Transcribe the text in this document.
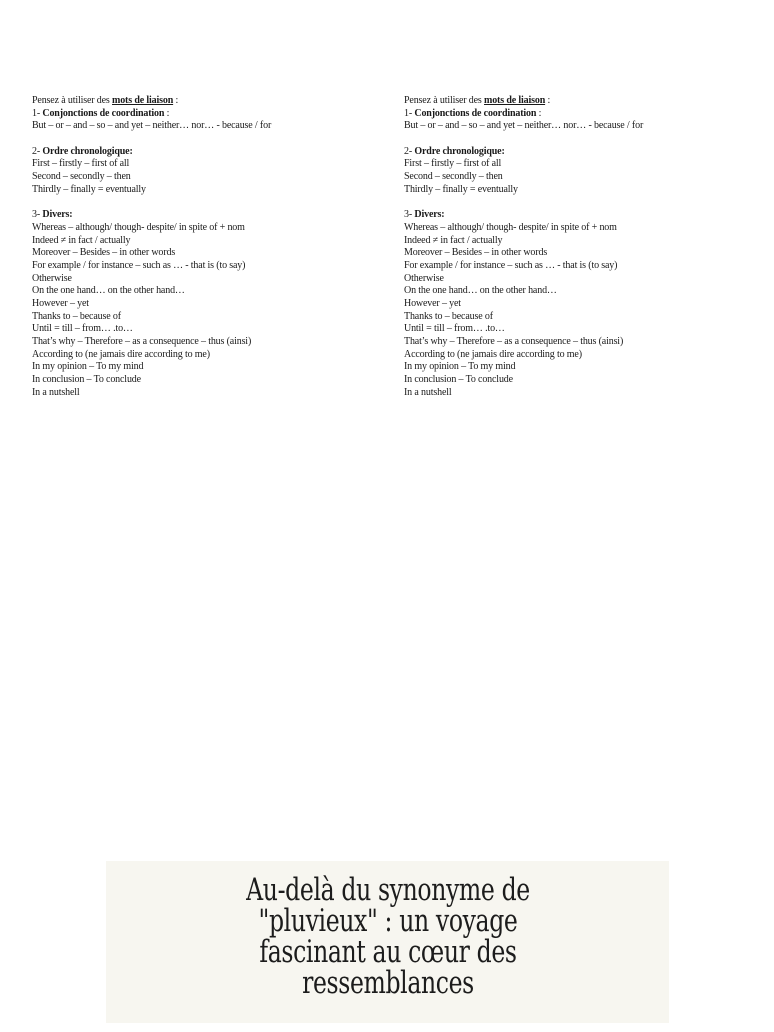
Pensez à utiliser des mots de liaison :
1- Conjonctions de coordination :
But – or – and – so – and yet – neither… nor… - because / for
2- Ordre chronologique:
First – firstly – first of all
Second – secondly – then
Thirdly – finally = eventually
3- Divers:
Whereas – although/ though- despite/ in spite of + nom
Indeed ≠ in fact / actually
Moreover – Besides – in other words
For example / for instance – such as … - that is (to say)
Otherwise
On the one hand… on the other hand…
However – yet
Thanks to – because of
Until = till – from… .to…
That’s why – Therefore – as a consequence – thus (ainsi)
According to (ne jamais dire according to me)
In my opinion – To my mind
In conclusion – To conclude
In a nutshell
Pensez à utiliser des mots de liaison :
1- Conjonctions de coordination :
But – or – and – so – and yet – neither… nor… - because / for
2- Ordre chronologique:
First – firstly – first of all
Second – secondly – then
Thirdly – finally = eventually
3- Divers:
Whereas – although/ though- despite/ in spite of + nom
Indeed ≠ in fact / actually
Moreover – Besides – in other words
For example / for instance – such as … - that is (to say)
Otherwise
On the one hand… on the other hand…
However – yet
Thanks to – because of
Until = till – from… .to…
That’s why – Therefore – as a consequence – thus (ainsi)
According to (ne jamais dire according to me)
In my opinion – To my mind
In conclusion – To conclude
In a nutshell
Au-delà du synonyme de
"pluvieux" : un voyage
fascinant au cœur des
ressemblances
